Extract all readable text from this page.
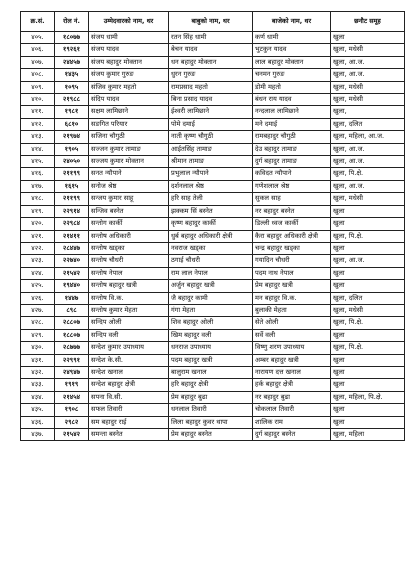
क्र.सं.	रोल नं.	उम्मेदवारको नाम, थर	बाबुको नाम, थर	बाजेको नाम, थर	छनौट समूह
४०५.	१८०७७	संजय धामी	रतन सिंह धामी	कर्ण धामी	खुला
४०६.	१९२६१	संजय यादव	बेचन यादव	भुटकुन यादव	खुला, मधेसी
४०७.	२४४५७	संजय बहादुर मोक्तान	धन बहादुर मोक्तान	लाल बहादुर मोक्तान	खुला, आ.ज.
४०८.	१४३५	संजय कुमार गुरुङ	धुरन गुरुङ	चनमन गुरुङ	खुला, आ.ज.
४०९.	१०९५	संजिव कुमार महतो	रामप्रसाद महतो	डोमी महतो	खुला, मधेसी
४१०.	२१९८८	संदिप यादव	बिना प्रसाद यादव	बंधन राय यादव	खुला, मधेसी
४११.	१९८१	सक्षम लामिछाने	ईश्वरी लामिछाने	नन्दलाल लामिछाने	खुला,
४१२.	६८१०	सङगित परियार	पोमे दमाई	मने दमाई	खुला, दलित
४१३.	२१९७४	सजिना चौगुठी	नाती कृष्ण चौगुठी	रामबहादुर चौगुठी	खुला, महिला, आ.ज.
४१४.	१९०५	सज्जन कुमार तामाङ	आईतसिंह तामाङ	देउ बहादुर तामाङ	खुला, आ.ज.
४१५.	२४०५०	सज्जय कुमार मोक्तान	श्रीमान तामाङ	दुर्ग बहादुर तामाङ	खुला, आ.ज.
४१६.	२११९९	सनत न्यौपाने	प्रभुलाल न्यौपाने	कविदत न्यौपाने	खुला, पि.क्षे.
४१७.	१६१५	सनोज श्रेष्ठ	दर्शनलाल श्रेष्ठ	गणेशलाल श्रेष्ठ	खुला, आ.ज.
४१८.	२११९९	सन्जय कुमार साहू	हरि साह तेली	सुकल साह	खुला, मधेसी
४१९.	२२९१४	सन्जिव बस्नेत	झक्कम सिं बस्नेत	नर बहादुर बस्नेत	खुला
४२०.	२२९८४	सन्तोग कार्की	कृष्ण बहादुर कार्की	डिल्ली ध्वज कार्की	खुला
४२१.	२१४११	सन्तोष अधिकारी	धुर्ब बहादुर अधिकारी क्षेत्री	कैरा बहादुर अधिकारी क्षेत्री	खुला, पि.क्षे.
४२२.	२८४४७	सन्तोष खड्का	नवराज खड्का	चन्द्र बहादुर खड्का	खुला
४२३.	२२७४०	सन्तोष चौधरी	ठगाई चौधरी	गयादिन चौधरी	खुला, आ.ज.
४२४.	२१५४२	सन्तोष नेपाल	राम लाल नेपाल	पदम नाथ नेपाल	खुला
४२५.	१९४४०	सन्तोष बहादुर खत्री	अर्जुन बहादुर खत्री	प्रेम बहादुर खत्री	खुला
४२६.	१४४७	सन्तोष वि.क.	जै बहादुर कामी	मन बहादुर वि.क.	खुला, दलित
४२७.	८९८	सन्तोष कुमार मेहता	गंगा मेहता	बुलाकी मेहता	खुला, मधेसी
४२८.	२८८०७	सन्दिप ओली	शिव बहादुर ओली	सेते ओली	खुला, पि.क्षे.
४२९.	१८८०७	सन्दिप वली	खिम बहादुर वली	सर्वे वली	खुला
४३०.	२८७७७	सन्देश कुमार उपाध्याय	धनराज उपाध्याय	विष्णु शरण उपाध्याय	खुला, पि.क्षे.
४३१.	२२९९१	सन्देश के.सी.	पदम बहादुर खत्री	अम्बर बहादुर खत्री	खुला
४३२.	२४९४७	सन्देश खनाल	बालुराम खनाल	नारायण दत्त खनाल	खुला
४३३.	१९१९	सन्देश बहादुर क्षेत्री	हरि बहादुर क्षेत्री	हर्क बहादुर क्षेत्री	खुला
४३४.	२१४५४	सपना वि.सी.	प्रेम बहादुर बुढा	नर बहादुर बुढा	खुला, महिला, पि.क्षे.
४३५.	१९०८	सफल तिवारी	धनलाल तिवारी	चोकलाल तिवारी	खुला
४३६.	२९८२	सम बहादुर राई	लिला बहादुर कुवर थापा	शालिक राम	खुला
४३७.	२१५४२	समन्ता बस्नेत	प्रेम बहादुर बस्नेत	दुर्ग बहादुर बस्नेत	खुला, महिला
